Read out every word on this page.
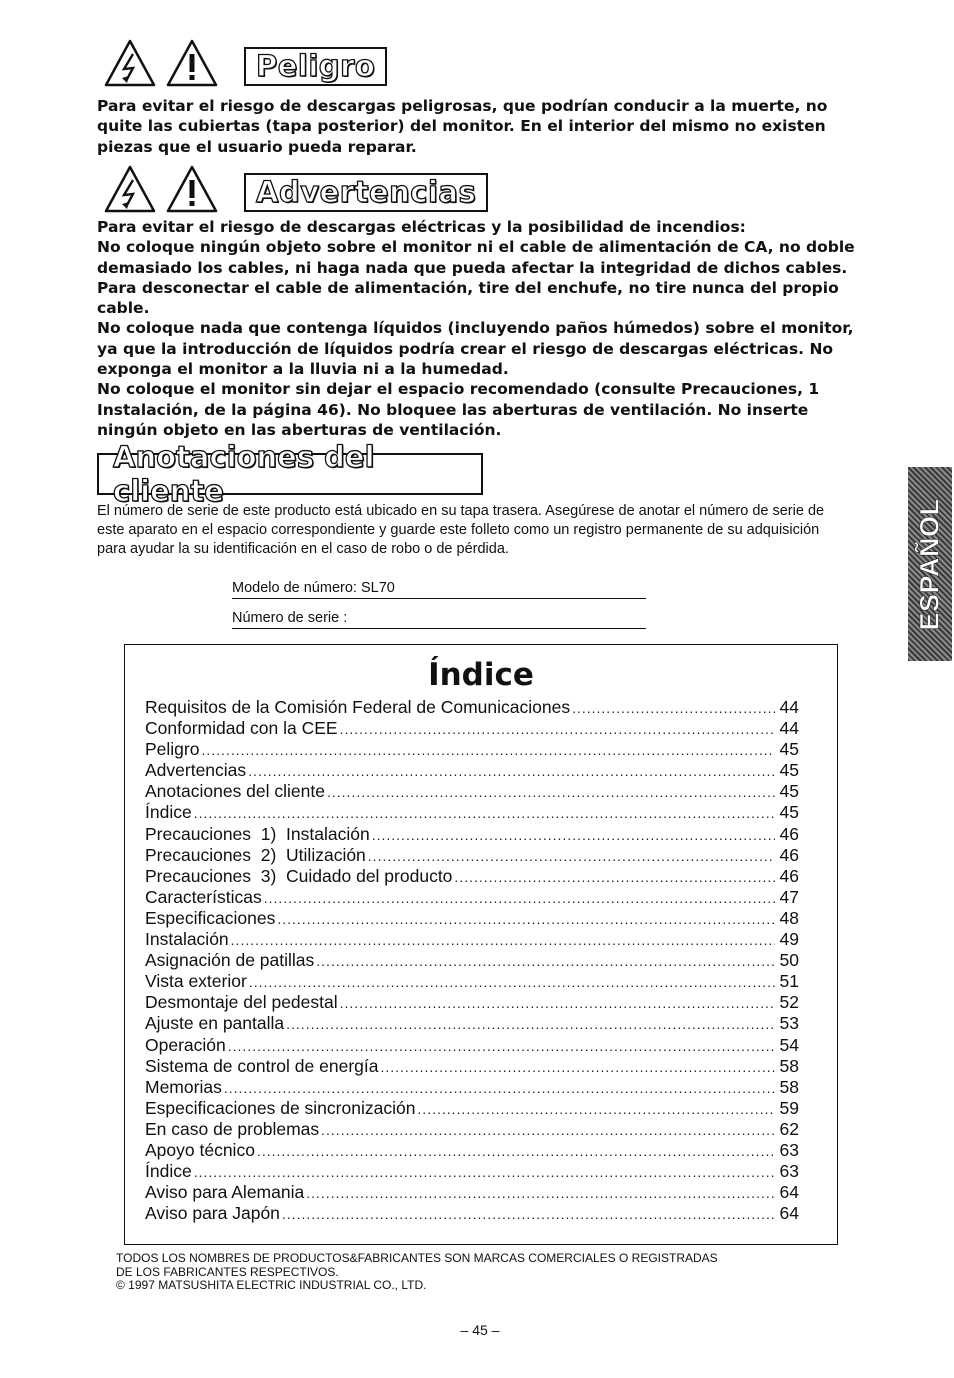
Peligro

Para evitar el riesgo de descargas peligrosas, que podrían conducir a la muerte, no quite las cubiertas (tapa posterior) del monitor. En el interior del mismo no existen piezas que el usuario pueda reparar.

Advertencias

Para evitar el riesgo de descargas eléctricas y la posibilidad de incendios:

No coloque ningún objeto sobre el monitor ni el cable de alimentación de CA, no doble demasiado los cables, ni haga nada que pueda afectar la integridad de dichos cables.

Para desconectar el cable de alimentación, tire del enchufe, no tire nunca del propio cable.

No coloque nada que contenga líquidos (incluyendo paños húmedos) sobre el monitor, ya que la introducción de líquidos podría crear el riesgo de descargas eléctricas. No exponga el monitor a la lluvia ni a la humedad.

No coloque el monitor sin dejar el espacio recomendado (consulte Precauciones, 1 Instalación, de la página 46). No bloquee las aberturas de ventilación. No inserte ningún objeto en las aberturas de ventilación.

Anotaciones del cliente
El número de serie de este producto está ubicado en su tapa trasera. Asegúrese de anotar el número de serie de este aparato en el espacio correspondiente y guarde este folleto como un registro permanente de su adquisición para ayudar la su identificación en el caso de robo o de pérdida.
Modelo de número: SL70
Número de serie :	ESPAÑOL
Índice
Requisitos de la Comisión Federal de Comunicaciones .....	44
Conformidad con la CEE .....	44
Peligro .....	45
Advertencias .....	45
Anotaciones del cliente .....	45
Índice .....	45
Precauciones  1)  Instalación .....	46
Precauciones  2)  Utilización .....	46
Precauciones  3)  Cuidado del producto .....	46
Características .....	47
Especificaciones .....	48
Instalación .....	49
Asignación de patillas .....	50
Vista exterior .....	51
Desmontaje del pedestal .....	52
Ajuste en pantalla .....	53
Operación .....	54
Sistema de control de energía .....	58
Memorias .....	58
Especificaciones de sincronización .....	59
En caso de problemas .....	62
Apoyo técnico .....	63
Índice .....	63
Aviso para Alemania .....	64
Aviso para Japón .....	64

TODOS LOS NOMBRES DE PRODUCTOS&FABRICANTES SON MARCAS COMERCIALES O REGISTRADAS

DE LOS FABRICANTES RESPECTIVOS.

© 1997 MATSUSHITA ELECTRIC INDUSTRIAL CO., LTD.

– 45 –
